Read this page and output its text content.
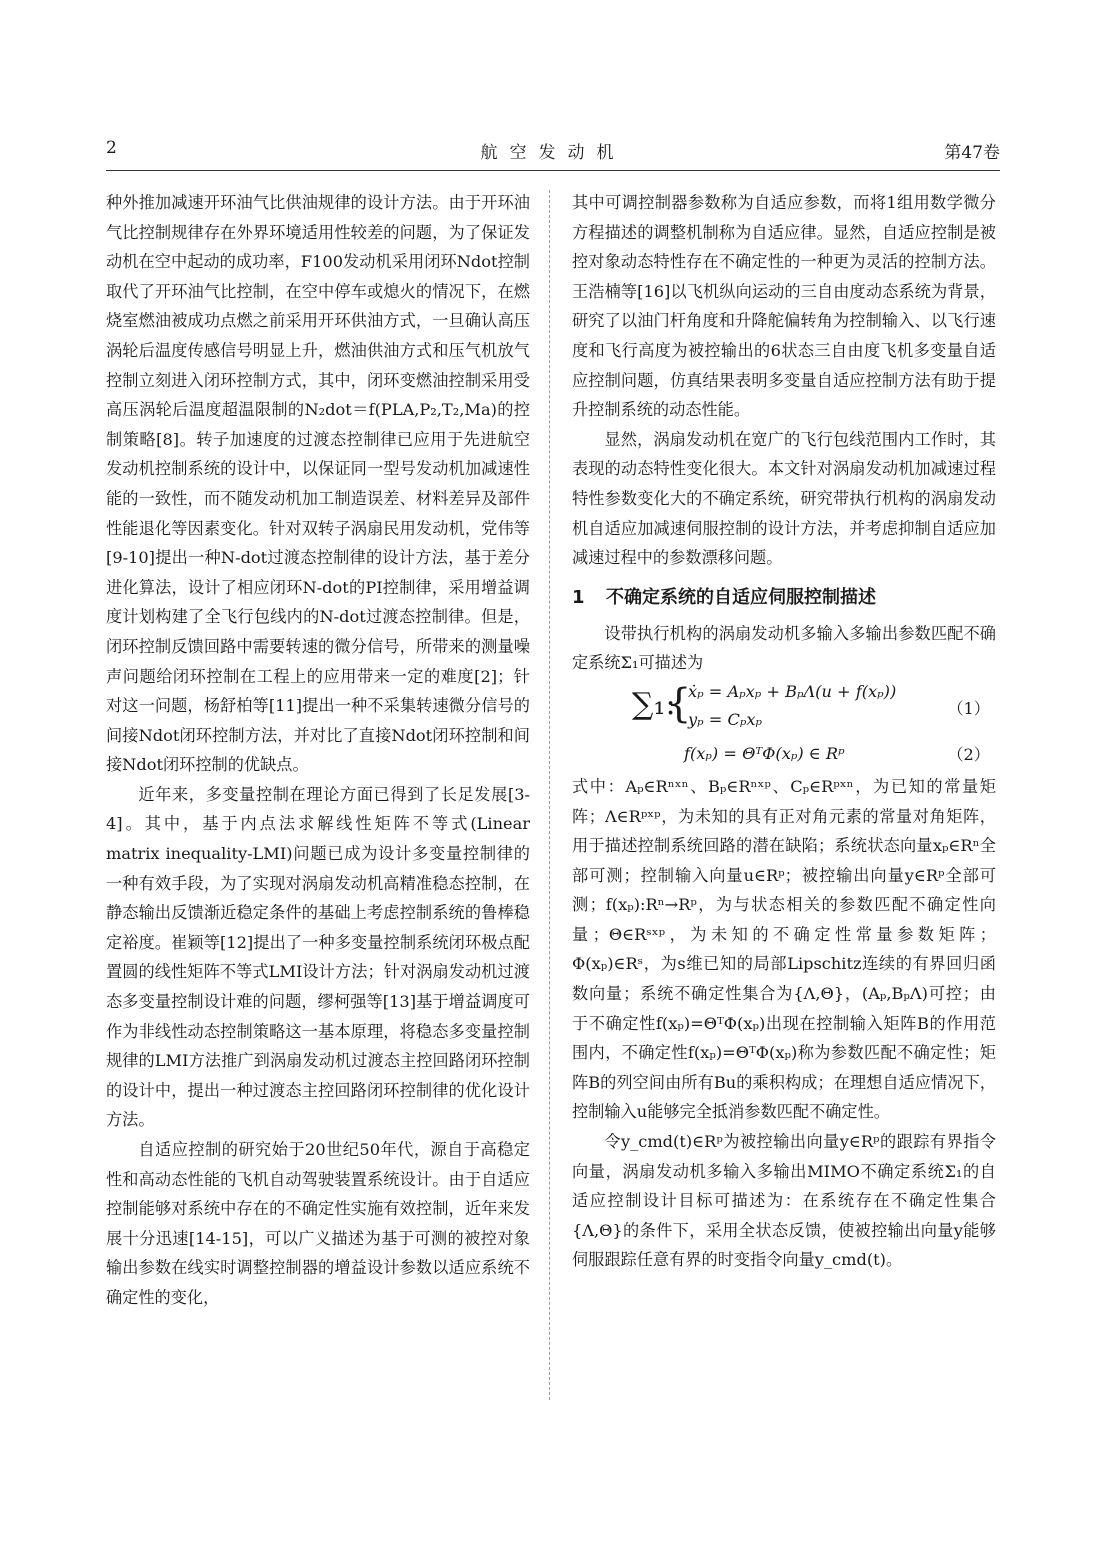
2	航空发动机	第47卷

种外推加减速开环油气比供油规律的设计方法。由于开环油气比控制规律存在外界环境适用性较差的问题，为了保证发动机在空中起动的成功率，F100发动机采用闭环Ndot控制取代了开环油气比控制，在空中停车或熄火的情况下，在燃烧室燃油被成功点燃之前采用开环供油方式，一旦确认高压涡轮后温度传感信号明显上升，燃油供油方式和压气机放气控制立刻进入闭环控制方式，其中，闭环变燃油控制采用受高压涡轮后温度超温限制的N₂dot＝f(PLA,P₂,T₂,Ma)的控制策略[8]。转子加速度的过渡态控制律已应用于先进航空发动机控制系统的设计中，以保证同一型号发动机加减速性能的一致性，而不随发动机加工制造误差、材料差异及部件性能退化等因素变化。针对双转子涡扇民用发动机，党伟等[9-10]提出一种N-dot过渡态控制律的设计方法，基于差分进化算法，设计了相应闭环N-dot的PI控制律，采用增益调度计划构建了全飞行包线内的N-dot过渡态控制律。但是，闭环控制反馈回路中需要转速的微分信号，所带来的测量噪声问题给闭环控制在工程上的应用带来一定的难度[2]；针对这一问题，杨舒柏等[11]提出一种不采集转速微分信号的间接Ndot闭环控制方法，并对比了直接Ndot闭环控制和间接Ndot闭环控制的优缺点。

近年来，多变量控制在理论方面已得到了长足发展[3-4]。其中，基于内点法求解线性矩阵不等式(Linear matrix inequality-LMI)问题已成为设计多变量控制律的一种有效手段，为了实现对涡扇发动机高精准稳态控制，在静态输出反馈渐近稳定条件的基础上考虑控制系统的鲁棒稳定裕度。崔颖等[12]提出了一种多变量控制系统闭环极点配置圆的线性矩阵不等式LMI设计方法；针对涡扇发动机过渡态多变量控制设计难的问题，缪柯强等[13]基于增益调度可作为非线性动态控制策略这一基本原理，将稳态多变量控制规律的LMI方法推广到涡扇发动机过渡态主控回路闭环控制的设计中，提出一种过渡态主控回路闭环控制律的优化设计方法。

自适应控制的研究始于20世纪50年代，源自于高稳定性和高动态性能的飞机自动驾驶装置系统设计。由于自适应控制能够对系统中存在的不确定性实施有效控制，近年来发展十分迅速[14-15]，可以广义描述为基于可测的被控对象输出参数在线实时调整控制器的增益设计参数以适应系统不确定性的变化，

其中可调控制器参数称为自适应参数，而将1组用数学微分方程描述的调整机制称为自适应律。显然，自适应控制是被控对象动态特性存在不确定性的一种更为灵活的控制方法。王浩楠等[16]以飞机纵向运动的三自由度动态系统为背景，研究了以油门杆角度和升降舵偏转角为控制输入、以飞行速度和飞行高度为被控输出的6状态三自由度飞机多变量自适应控制问题，仿真结果表明多变量自适应控制方法有助于提升控制系统的动态性能。

显然，涡扇发动机在宽广的飞行包线范围内工作时，其表现的动态特性变化很大。本文针对涡扇发动机加减速过程特性参数变化大的不确定系统，研究带执行机构的涡扇发动机自适应加减速伺服控制的设计方法，并考虑抑制自适应加减速过程中的参数漂移问题。

1 不确定系统的自适应伺服控制描述

设带执行机构的涡扇发动机多输入多输出参数匹配不确定系统Σ₁可描述为

∑₁:
{
ẋₚ = Aₚxₚ + BₚΛ(u + f(xₚ))
yₚ = Cₚxₚ
（1）
f(xₚ) = ΘᵀΦ(xₚ) ∈ Rᵖ	（2）

式中：Aₚ∈Rⁿˣⁿ、Bₚ∈Rⁿˣᵖ、Cₚ∈Rᵖˣⁿ，为已知的常量矩阵；Λ∈Rᵖˣᵖ，为未知的具有正对角元素的常量对角矩阵，用于描述控制系统回路的潜在缺陷；系统状态向量xₚ∈Rⁿ全部可测；控制输入向量u∈Rᵖ；被控输出向量y∈Rᵖ全部可测；f(xₚ):Rⁿ→Rᵖ，为与状态相关的参数匹配不确定性向量；Θ∈Rˢˣᵖ，为未知的不确定性常量参数矩阵；Φ(xₚ)∈Rˢ，为s维已知的局部Lipschitz连续的有界回归函数向量；系统不确定性集合为{Λ,Θ}，(Aₚ,BₚΛ)可控；由于不确定性f(xₚ)=ΘᵀΦ(xₚ)出现在控制输入矩阵B的作用范围内，不确定性f(xₚ)=ΘᵀΦ(xₚ)称为参数匹配不确定性；矩阵B的列空间由所有Bu的乘积构成；在理想自适应情况下，控制输入u能够完全抵消参数匹配不确定性。

令y_cmd(t)∈Rᵖ为被控输出向量y∈Rᵖ的跟踪有界指令向量，涡扇发动机多输入多输出MIMO不确定系统Σ₁的自适应控制设计目标可描述为：在系统存在不确定性集合{Λ,Θ}的条件下，采用全状态反馈，使被控输出向量y能够伺服跟踪任意有界的时变指令向量y_cmd(t)。
